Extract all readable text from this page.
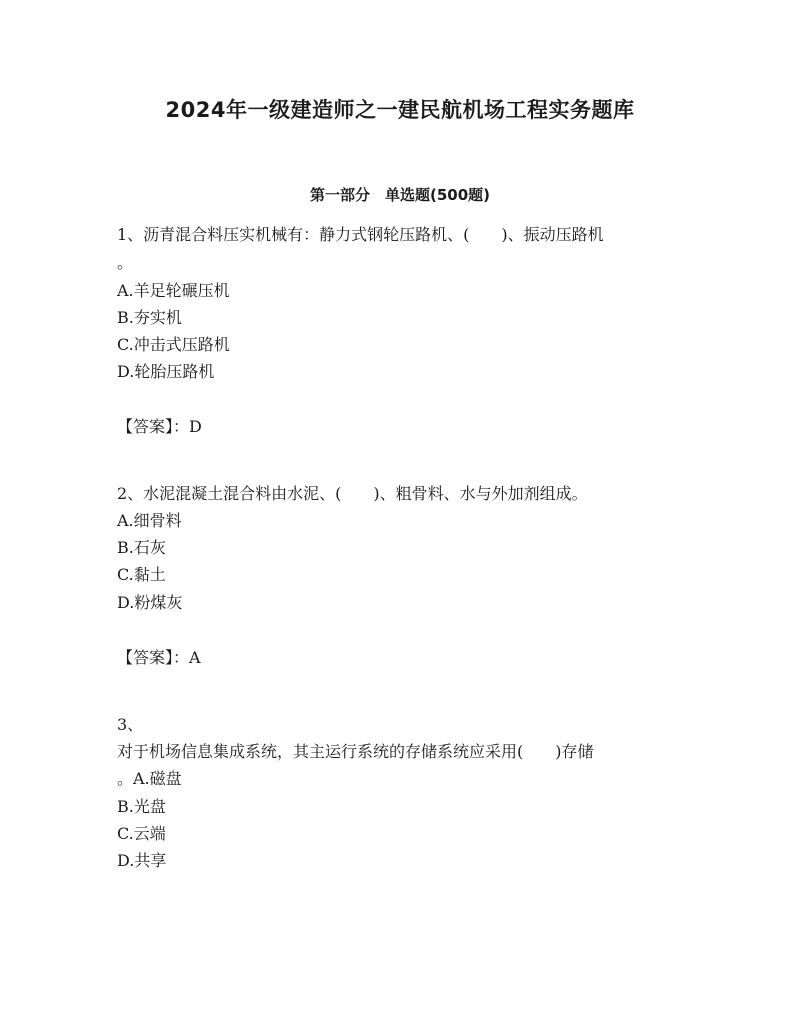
2024年一级建造师之一建民航机场工程实务题库
第一部分　单选题(500题)
1、沥青混合料压实机械有：静力式钢轮压路机、(　　)、振动压路机
。
A.羊足轮碾压机
B.夯实机
C.冲击式压路机
D.轮胎压路机
【答案】：D
2、水泥混凝土混合料由水泥、(　　)、粗骨料、水与外加剂组成。
A.细骨料
B.石灰
C.黏土
D.粉煤灰
【答案】：A
3、
对于机场信息集成系统，其主运行系统的存储系统应采用(　　)存储
。A.磁盘
B.光盘
C.云端
D.共享
